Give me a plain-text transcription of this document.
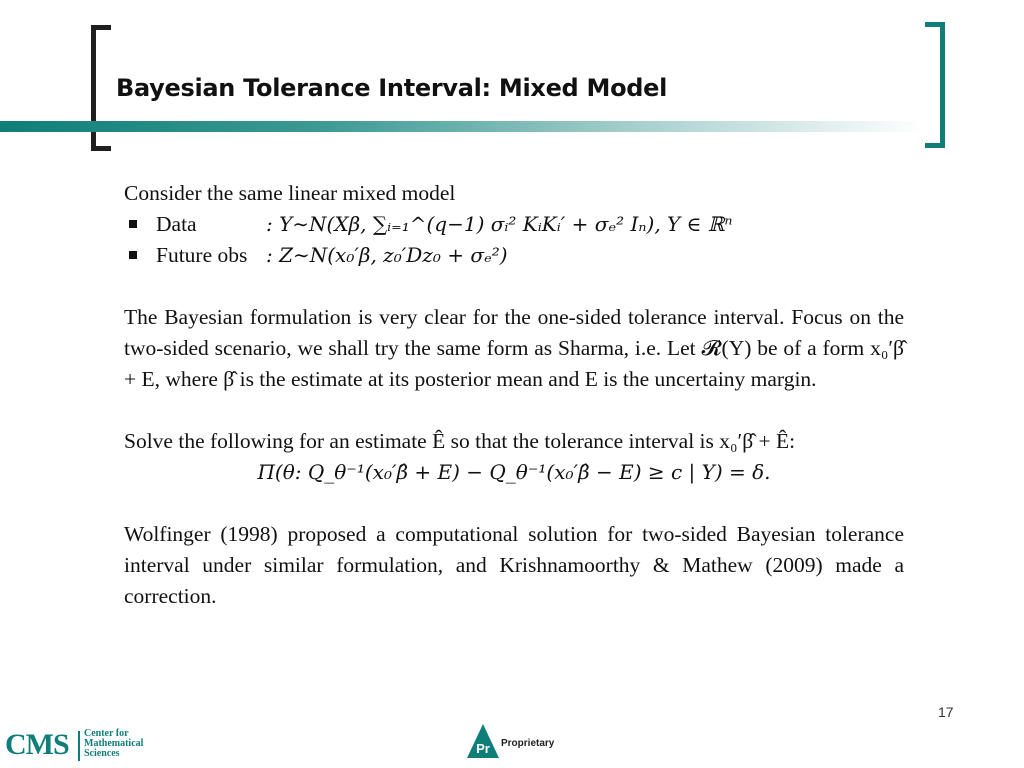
Bayesian Tolerance Interval: Mixed Model

Consider the same linear mixed model

Data	: Y∼N(Xβ, ∑ᵢ₌₁^(q−1) σᵢ² KᵢKᵢ′ + σₑ² Iₙ), Y ∈ ℝⁿ
Future obs : Z∼N(x₀′β, z₀′Dz₀ + σₑ²)

The Bayesian formulation is very clear for the one-sided tolerance interval. Focus on the two-sided scenario, we shall try the same form as Sharma, i.e. Let 𝓡(Y) be of a form x₀′β̂ + E, where β̂ is the estimate at its posterior mean and E is the uncertainy margin.

Solve the following for an estimate Ê so that the tolerance interval is x₀′β̂ + Ê:

Π(θ: Q_θ⁻¹(x₀′β̂ + E) − Q_θ⁻¹(x₀′β̂ − E) ≥ c | Y) = δ.

Wolfinger (1998) proposed a computational solution for two-sided Bayesian tolerance interval under similar formulation, and Krishnamoorthy & Mathew (2009) made a correction.

17
CMS Center for
Mathematical
Sciences	Pr Proprietary
